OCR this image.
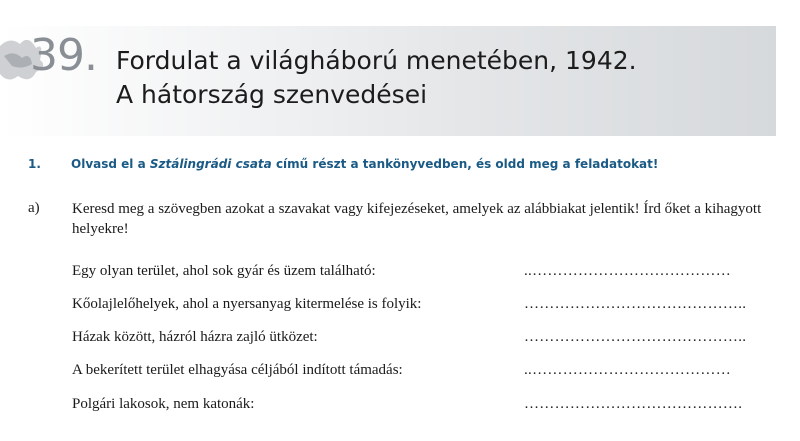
39. Fordulat a világháború menetében, 1942.
A hátország szenvedései
1.	Olvasd el a Sztálingrádi csata című részt a tankönyvedben, és oldd meg a feladatokat!
a) Keresd meg a szövegben azokat a szavakat vagy kifejezéseket, amelyek az alábbiakat jelentik! Írd őket a kihagyott helyekre!
Egy olyan terület, ahol sok gyár és üzem található:	..…………………………………
Kőolajlelőhelyek, ahol a nyersanyag kitermelése is folyik:	……………………………………..
Házak között, házról házra zajló ütközet:	……………………………………..
A bekerített terület elhagyása céljából indított támadás:	..…………………………………
Polgári lakosok, nem katonák:	…………………………………….
